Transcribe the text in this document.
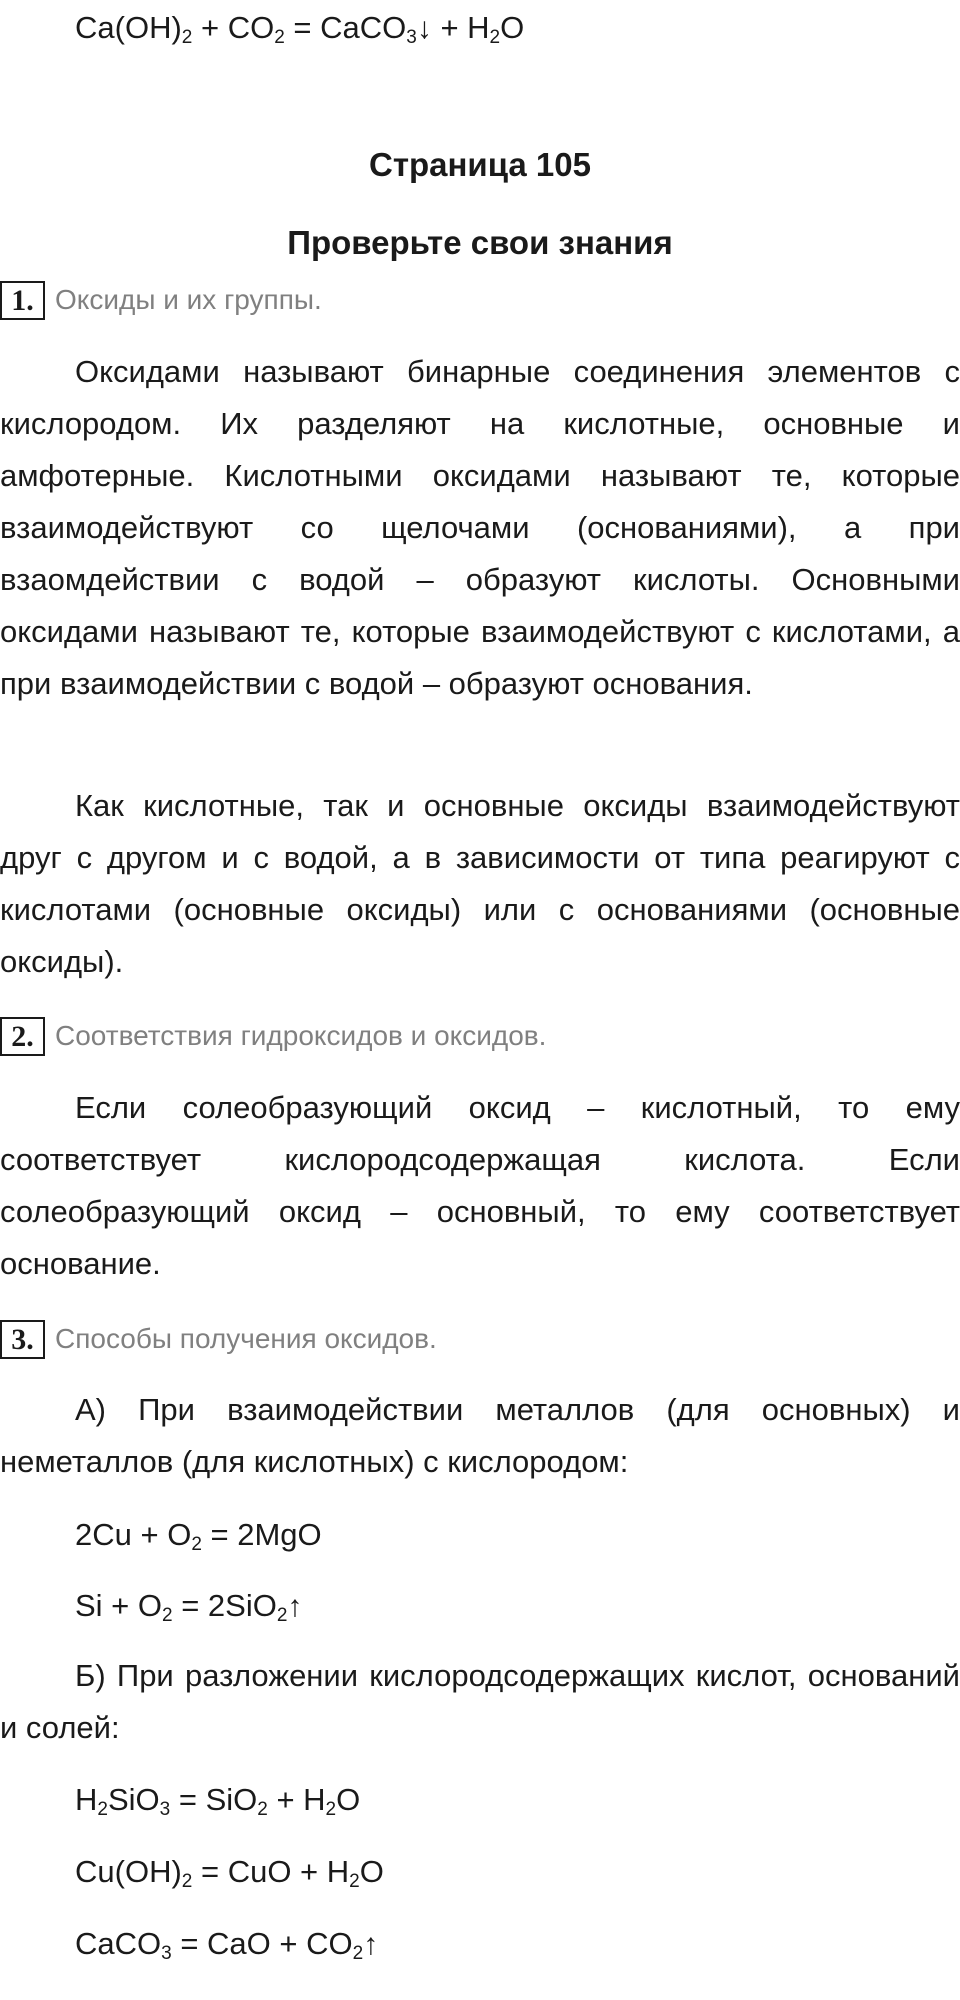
$Ca(OH)_2 + CO_2$ = CaCO$_3$↓ + $H_2O$
Страница 105
Проверьте свои знания
1. Оксиды и их группы.

Оксидами называют бинарные соединения элементов с кислородом. Их разделяют на кислотные, основные и амфотерные. Кислотными оксидами называют те, которые взаимодействуют со щелочами (основаниями), а при взаомдействии с водой – образуют кислоты. Основными оксидами называют те, которые взаимодействуют с кислотами, а при взаимодействии с водой – образуют основания.

Как кислотные, так и основные оксиды взаимодействуют друг с другом и с водой, а в зависимости от типа реагируют с кислотами (основные оксиды) или с основаниями (основные оксиды).

2. Соответствия гидроксидов и оксидов.

Если солеобразующий оксид – кислотный, то ему соответствует кислородсодержащая кислота. Если солеобразующий оксид – основный, то ему соответствует основание.

3. Способы получения оксидов.

А) При взаимодействии металлов (для основных) и неметаллов (для кислотных) с кислородом:

$2Cu + O_2 = 2MgO$
$Si + O_2$ = 2SiO$_2$↑

Б) При разложении кислородсодержащих кислот, оснований и солей:

$H_2SiO_3 = SiO_2 + H_2O$
$Cu(OH)_2$ = CuO + $H_2O$
CaCO$_3$ = CaO + $CO_2↑$
